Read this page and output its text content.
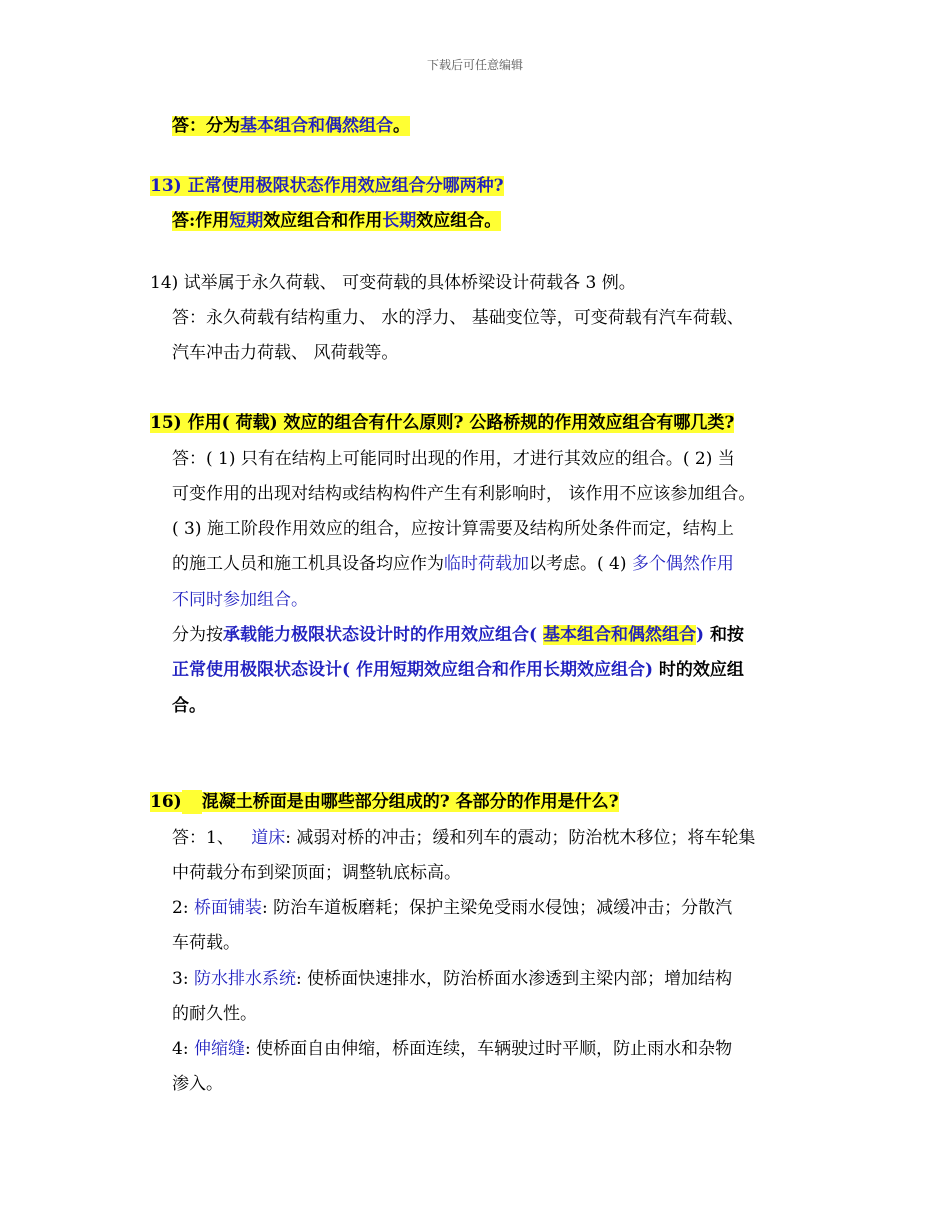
下载后可任意编辑
答：分为基本组合和偶然组合。
13) 正常使用极限状态作用效应组合分哪两种?
答:作用短期效应组合和作用长期效应组合。
14) 试举属于永久荷载、 可变荷载的具体桥梁设计荷载各 3 例。
答：永久荷载有结构重力、 水的浮力、 基础变位等，可变荷载有汽车荷载、
汽车冲击力荷载、 风荷载等。
15) 作用( 荷载) 效应的组合有什么原则? 公路桥规的作用效应组合有哪几类?
答：( 1) 只有在结构上可能同时出现的作用，才进行其效应的组合。( 2) 当
可变作用的出现对结构或结构构件产生有利影响时， 该作用不应该参加组合。
( 3) 施工阶段作用效应的组合，应按计算需要及结构所处条件而定，结构上
的施工人员和施工机具设备均应作为临时荷载加以考虑。( 4) 多个偶然作用
不同时参加组合。
分为按承载能力极限状态设计时的作用效应组合( 基本组合和偶然组合) 和按
正常使用极限状态设计( 作用短期效应组合和作用长期效应组合) 时的效应组
合。
16) 混凝土桥面是由哪些部分组成的? 各部分的作用是什么?
答：1、 道床: 减弱对桥的冲击；缓和列车的震动；防治枕木移位；将车轮集
中荷载分布到梁顶面；调整轨底标高。
2: 桥面铺装: 防治车道板磨耗；保护主梁免受雨水侵蚀；减缓冲击；分散汽
车荷载。
3: 防水排水系统: 使桥面快速排水，防治桥面水渗透到主梁内部；增加结构
的耐久性。
4: 伸缩缝: 使桥面自由伸缩，桥面连续，车辆驶过时平顺，防止雨水和杂物
渗入。
